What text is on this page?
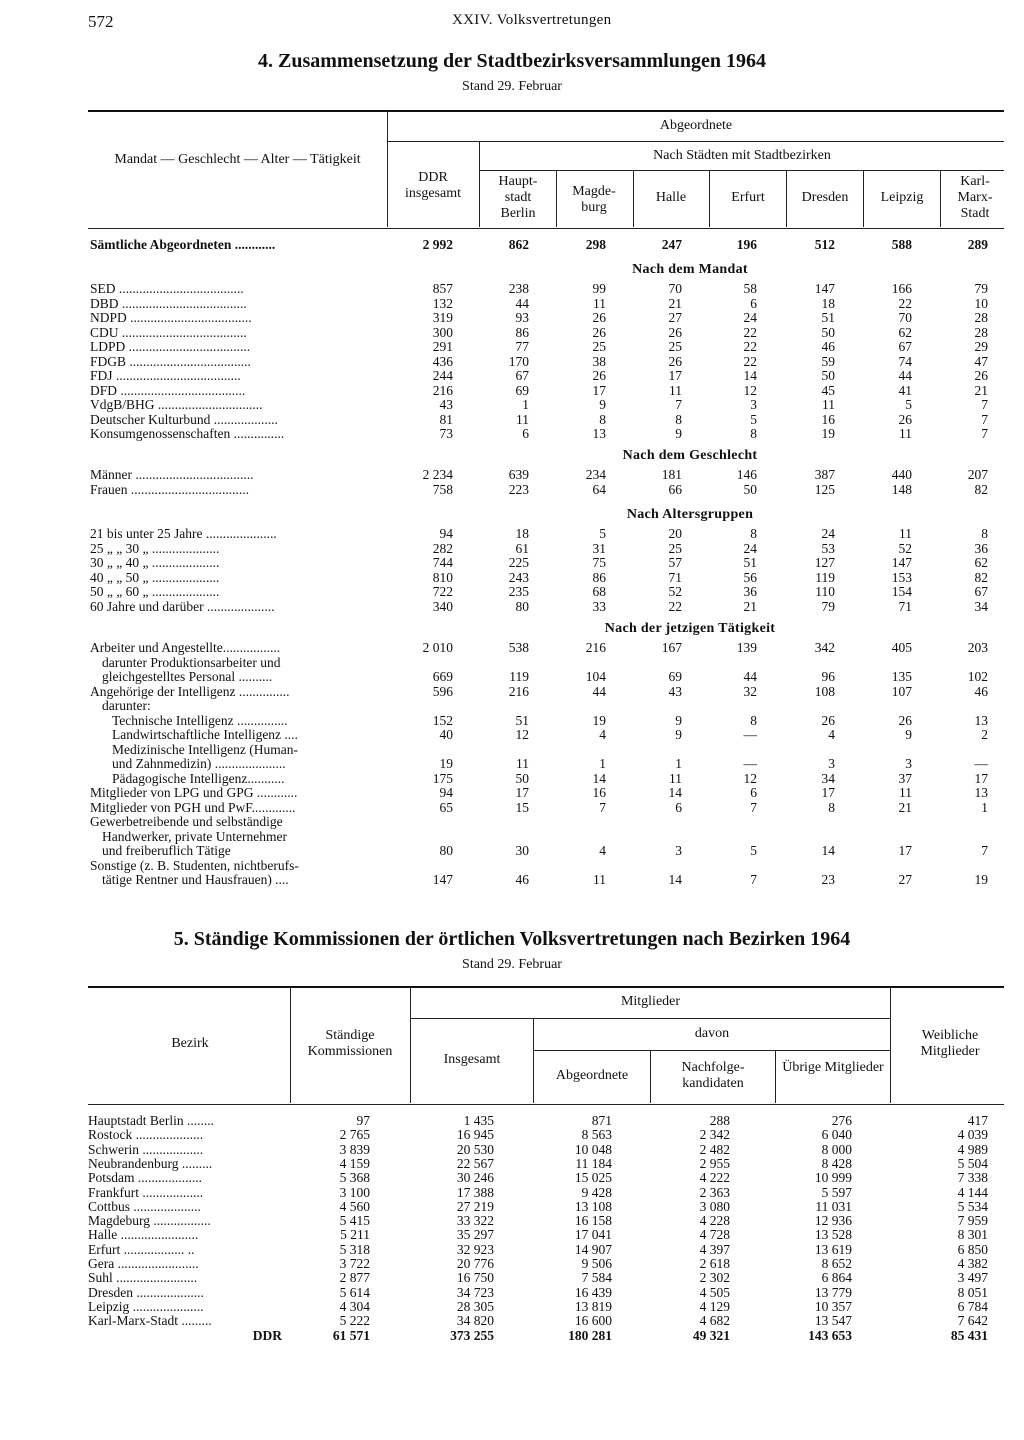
572	XXIV. Volksvertretungen
4. Zusammensetzung der Stadtbezirksversammlungen 1964
Stand 29. Februar
Mandat — Geschlecht — Alter — Tätigkeit
Abgeordnete
Nach Städten mit Stadtbezirken
DDR insgesamt
Haupt- stadt Berlin
Magde- burg
Halle	Erfurt	Dresden	Leipzig
Karl- Marx- Stadt
Sämtliche Abgeordneten ............	2 992	862	298	247	196	512	588	289
Nach dem Mandat
SED .....................................	857	238	99	70	58	147	166	79
DBD .....................................	132	44	11	21	6	18	22	10
NDPD ....................................	319	93	26	27	24	51	70	28
CDU .....................................	300	86	26	26	22	50	62	28
LDPD ....................................	291	77	25	25	22	46	67	29
FDGB ....................................	436	170	38	26	22	59	74	47
FDJ .....................................	244	67	26	17	14	50	44	26
DFD .....................................	216	69	17	11	12	45	41	21
VdgB/BHG ...............................	43	1	9	7	3	11	5	7
Deutscher Kulturbund ...................	81	11	8	8	5	16	26	7
Konsumgenossenschaften ...............	73	6	13	9	8	19	11	7
Nach dem Geschlecht
Männer ...................................	2 234	639	234	181	146	387	440	207
Frauen ...................................	758	223	64	66	50	125	148	82
Nach Altersgruppen
21 bis unter 25 Jahre .....................	94	18	5	20	8	24	11	8
25 „ „ 30 „ ....................	282	61	31	25	24	53	52	36
30 „ „ 40 „ ....................	744	225	75	57	51	127	147	62
40 „ „ 50 „ ....................	810	243	86	71	56	119	153	82
50 „ „ 60 „ ....................	722	235	68	52	36	110	154	67
60 Jahre und darüber ....................	340	80	33	22	21	79	71	34
Nach der jetzigen Tätigkeit
Arbeiter und Angestellte.................	2 010	538	216	167	139	342	405	203
darunter Produktionsarbeiter und
gleichgestelltes Personal ..........	669	119	104	69	44	96	135	102
Angehörige der Intelligenz ...............	596	216	44	43	32	108	107	46
darunter:
Technische Intelligenz ...............	152	51	19	9	8	26	26	13
Landwirtschaftliche Intelligenz ....	40	12	4	9	—	4	9	2
Medizinische Intelligenz (Human-
und Zahnmedizin) .....................	19	11	1	1	—	3	3	—
Pädagogische Intelligenz...........	175	50	14	11	12	34	37	17
Mitglieder von LPG und GPG ............	94	17	16	14	6	17	11	13
Mitglieder von PGH und PwF.............	65	15	7	6	7	8	21	1
Gewerbetreibende und selbständige
Handwerker, private Unternehmer
und freiberuflich Tätige	80	30	4	3	5	14	17	7
Sonstige (z. B. Studenten, nichtberufs-
tätige Rentner und Hausfrauen) ....	147	46	11	14	7	23	27	19
5. Ständige Kommissionen der örtlichen Volksvertretungen nach Bezirken 1964
Stand 29. Februar
Bezirk
Ständige Kommissionen
Mitglieder
davon
Insgesamt
Abgeordnete
Nachfolge- kandidaten
Übrige Mitglieder
Weibliche Mitglieder
Hauptstadt Berlin ........	97	1 435	871	288	276	417
Rostock ....................	2 765	16 945	8 563	2 342	6 040	4 039
Schwerin ..................	3 839	20 530	10 048	2 482	8 000	4 989
Neubrandenburg .........	4 159	22 567	11 184	2 955	8 428	5 504
Potsdam ...................	5 368	30 246	15 025	4 222	10 999	7 338
Frankfurt ..................	3 100	17 388	9 428	2 363	5 597	4 144
Cottbus ....................	4 560	27 219	13 108	3 080	11 031	5 534
Magdeburg .................	5 415	33 322	16 158	4 228	12 936	7 959
Halle .......................	5 211	35 297	17 041	4 728	13 528	8 301
Erfurt .................. ..	5 318	32 923	14 907	4 397	13 619	6 850
Gera ........................	3 722	20 776	9 506	2 618	8 652	4 382
Suhl ........................	2 877	16 750	7 584	2 302	6 864	3 497
Dresden ....................	5 614	34 723	16 439	4 505	13 779	8 051
Leipzig .....................	4 304	28 305	13 819	4 129	10 357	6 784
Karl-Marx-Stadt .........	5 222	34 820	16 600	4 682	13 547	7 642
DDR	61 571	373 255	180 281	49 321	143 653	85 431
